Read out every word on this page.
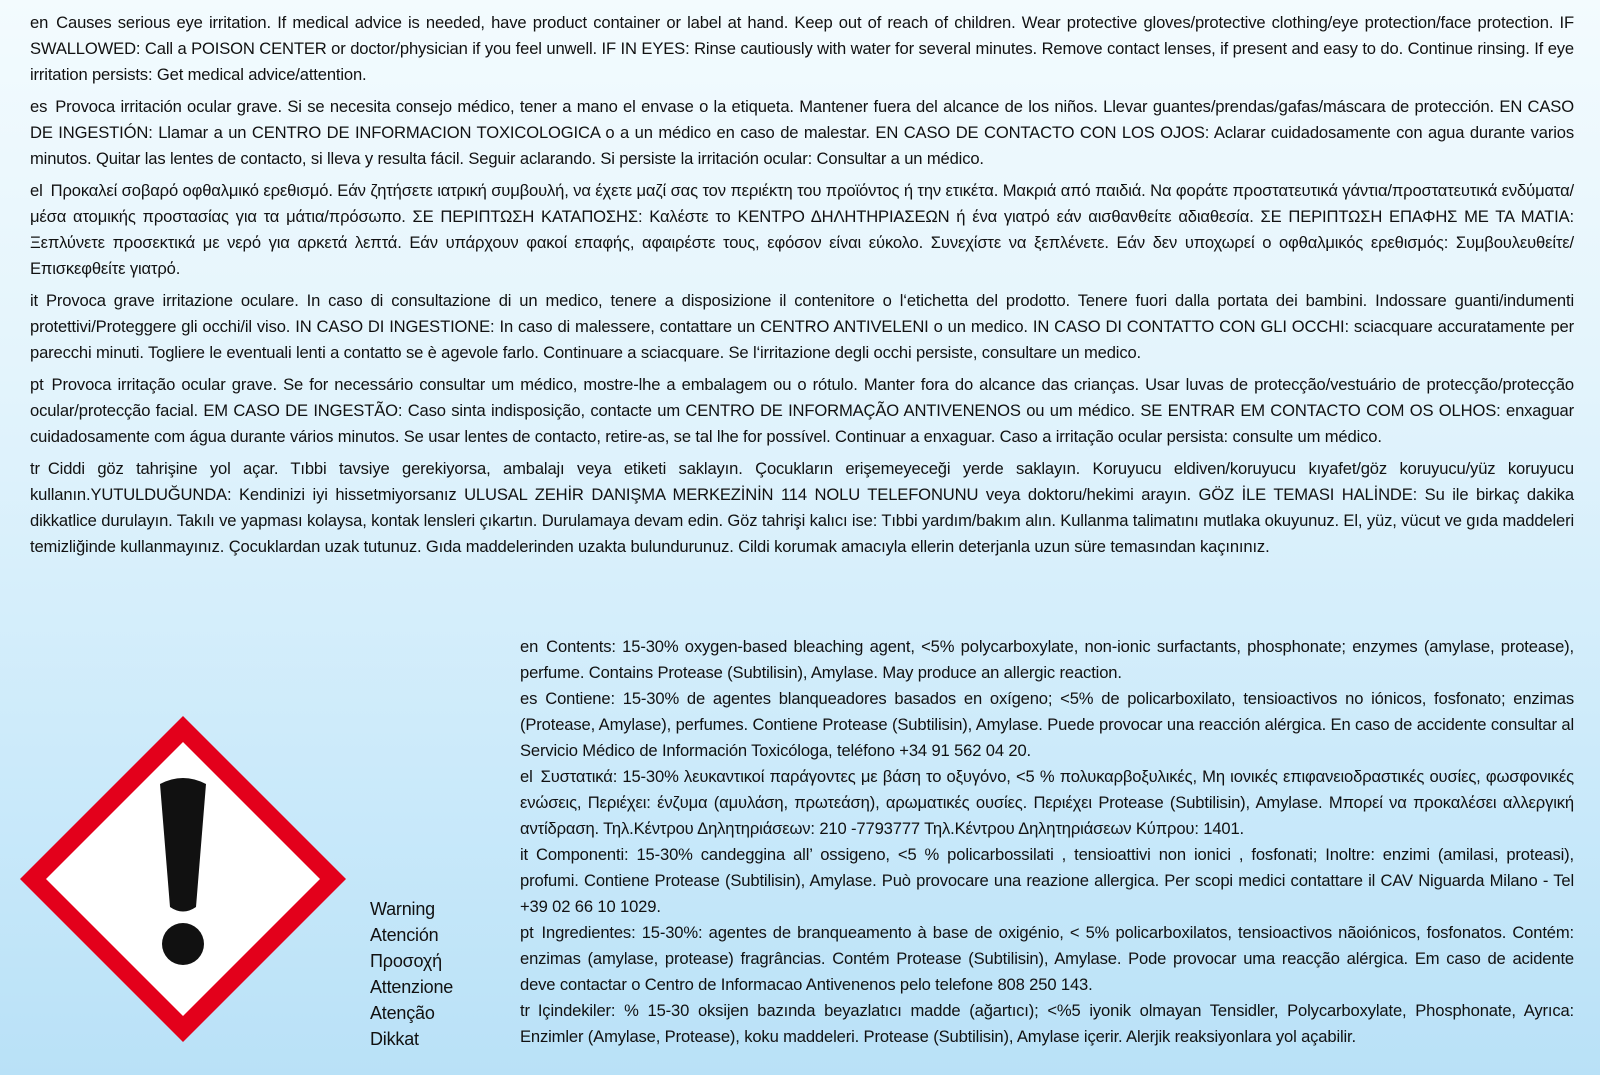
en Causes serious eye irritation. If medical advice is needed, have product container or label at hand. Keep out of reach of children. Wear protective gloves/protective clothing/eye protection/face protection. IF SWALLOWED: Call a POISON CENTER or doctor/physician if you feel unwell. IF IN EYES: Rinse cautiously with water for several minutes. Remove contact lenses, if present and easy to do. Continue rinsing. If eye irritation persists: Get medical advice/attention.

es Provoca irritación ocular grave. Si se necesita consejo médico, tener a mano el envase o la etiqueta. Mantener fuera del alcance de los niños. Llevar guantes/prendas/gafas/máscara de protección. EN CASO DE INGESTIÓN: Llamar a un CENTRO DE INFORMACION TOXICOLOGICA o a un médico en caso de malestar. EN CASO DE CONTACTO CON LOS OJOS: Aclarar cuidadosamente con agua durante varios minutos. Quitar las lentes de contacto, si lleva y resulta fácil. Seguir aclarando. Si persiste la irritación ocular: Consultar a un médico.

el Προκαλεί σοβαρό οφθαλμικό ερεθισμό. Εάν ζητήσετε ιατρική συμβουλή, να έχετε μαζί σας τον περιέκτη του προϊόντος ή την ετικέτα. Μακριά από παιδιά. Να φοράτε προστατευτικά γάντια/προστατευτικά ενδύματα/μέσα ατομικής προστασίας για τα μάτια/πρόσωπο. ΣΕ ΠΕΡΙΠΤΩΣΗ ΚΑΤΑΠΟΣΗΣ: Καλέστε το ΚΕΝΤΡΟ ΔΗΛΗΤΗΡΙΑΣΕΩΝ ή ένα γιατρό εάν αισθανθείτε αδιαθεσία. ΣΕ ΠΕΡΙΠΤΩΣΗ ΕΠΑΦΗΣ ΜΕ ΤΑ ΜΑΤΙΑ: Ξεπλύνετε προσεκτικά με νερό για αρκετά λεπτά. Εάν υπάρχουν φακοί επαφής, αφαιρέστε τους, εφόσον είναι εύκολο. Συνεχίστε να ξεπλένετε. Εάν δεν υποχωρεί ο οφθαλμικός ερεθισμός: Συμβουλευθείτε/Επισκεφθείτε γιατρό.

it Provoca grave irritazione oculare. In caso di consultazione di un medico, tenere a disposizione il contenitore o l‘etichetta del prodotto. Tenere fuori dalla portata dei bambini. Indossare guanti/indumenti protettivi/Proteggere gli occhi/il viso. IN CASO DI INGESTIONE: In caso di malessere, contattare un CENTRO ANTIVELENI o un medico. IN CASO DI CONTATTO CON GLI OCCHI: sciacquare accuratamente per parecchi minuti. Togliere le eventuali lenti a contatto se è agevole farlo. Continuare a sciacquare. Se l‘irritazione degli occhi persiste, consultare un medico.

pt Provoca irritação ocular grave. Se for necessário consultar um médico, mostre-lhe a embalagem ou o rótulo. Manter fora do alcance das crianças. Usar luvas de protecção/vestuário de protecção/protecção ocular/protecção facial. EM CASO DE INGESTÃO: Caso sinta indisposição, contacte um CENTRO DE INFORMAÇÃO ANTIVENENOS ou um médico. SE ENTRAR EM CONTACTO COM OS OLHOS: enxaguar cuidadosamente com água durante vários minutos. Se usar lentes de contacto, retire-as, se tal lhe for possível. Continuar a enxaguar. Caso a irritação ocular persista: consulte um médico.

tr Ciddi göz tahrişine yol açar. Tıbbi tavsiye gerekiyorsa, ambalajı veya etiketi saklayın. Çocukların erişemeyeceği yerde saklayın. Koruyucu eldiven/koruyucu kıyafet/göz koruyucu/yüz koruyucu kullanın.YUTULDUĞUNDA: Kendinizi iyi hissetmiyorsanız ULUSAL ZEHİR DANIŞMA MERKEZİNİN 114 NOLU TELEFONUNU veya doktoru/hekimi arayın. GÖZ İLE TEMASI HALİNDE: Su ile birkaç dakika dikkatlice durulayın. Takılı ve yapması kolaysa, kontak lensleri çıkartın. Durulamaya devam edin. Göz tahrişi kalıcı ise: Tıbbi yardım/bakım alın. Kullanma talimatını mutlaka okuyunuz. El, yüz, vücut ve gıda maddeleri temizliğinde kullanmayınız. Çocuklardan uzak tutunuz. Gıda maddelerinden uzakta bulundurunuz. Cildi korumak amacıyla ellerin deterjanla uzun süre temasından kaçınınız.

Warning
Atención
Προσοχή
Attenzione
Atenção
Dikkat

en Contents: 15-30% oxygen-based bleaching agent, <5% polycarboxylate, non-ionic surfactants, phosphonate; enzymes (amylase, protease), perfume. Contains Protease (Subtilisin), Amylase. May produce an allergic reaction.

es Contiene: 15-30% de agentes blanqueadores basados en oxígeno; <5% de policarboxilato, tensioactivos no iónicos, fosfonato; enzimas (Protease, Amylase), perfumes. Contiene Protease (Subtilisin), Amylase. Puede provocar una reacción alérgica. En caso de accidente consultar al Servicio Médico de Información Toxicóloga, teléfono +34 91 562 04 20.

el Συστατικά: 15-30% λευκαντικοί παράγοντες με βάση το οξυγόνο, <5 % πολυκαρβοξυλικές, Μη ιονικές επιφανειοδραστικές ουσίες, φωσφονικές ενώσεις, Περιέχει: ένζυμα (αμυλάση, πρωτεάση), αρωματικές ουσίες. Περιέχει Protease (Subtilisin), Amylase. Μπορεί να προκαλέσει αλλεργική αντίδραση. Τηλ.Κέντρου Δηλητηριάσεων: 210 -7793777 Τηλ.Κέντρου Δηλητηριάσεων Κύπρου: 1401.

it Componenti: 15-30% candeggina all’ ossigeno, <5 % policarbossilati , tensioattivi non ionici , fosfonati; Inoltre: enzimi (amilasi, proteasi), profumi. Contiene Protease (Subtilisin), Amylase. Può provocare una reazione allergica. Per scopi medici contattare il CAV Niguarda Milano - Tel +39 02 66 10 1029.

pt Ingredientes: 15-30%: agentes de branqueamento à base de oxigénio, < 5% policarboxilatos, tensioactivos nãoiónicos, fosfonatos. Contém: enzimas (amylase, protease) fragrâncias. Contém Protease (Subtilisin), Amylase. Pode provocar uma reacção alérgica. Em caso de acidente deve contactar o Centro de Informacao Antivenenos pelo telefone 808 250 143.

tr Içindekiler: % 15-30 oksijen bazında beyazlatıcı madde (ağartıcı); <%5 iyonik olmayan Tensidler, Polycarboxylate, Phosphonate, Ayrıca: Enzimler (Amylase, Protease), koku maddeleri. Protease (Subtilisin), Amylase içerir. Alerjik reaksiyonlara yol açabilir.
